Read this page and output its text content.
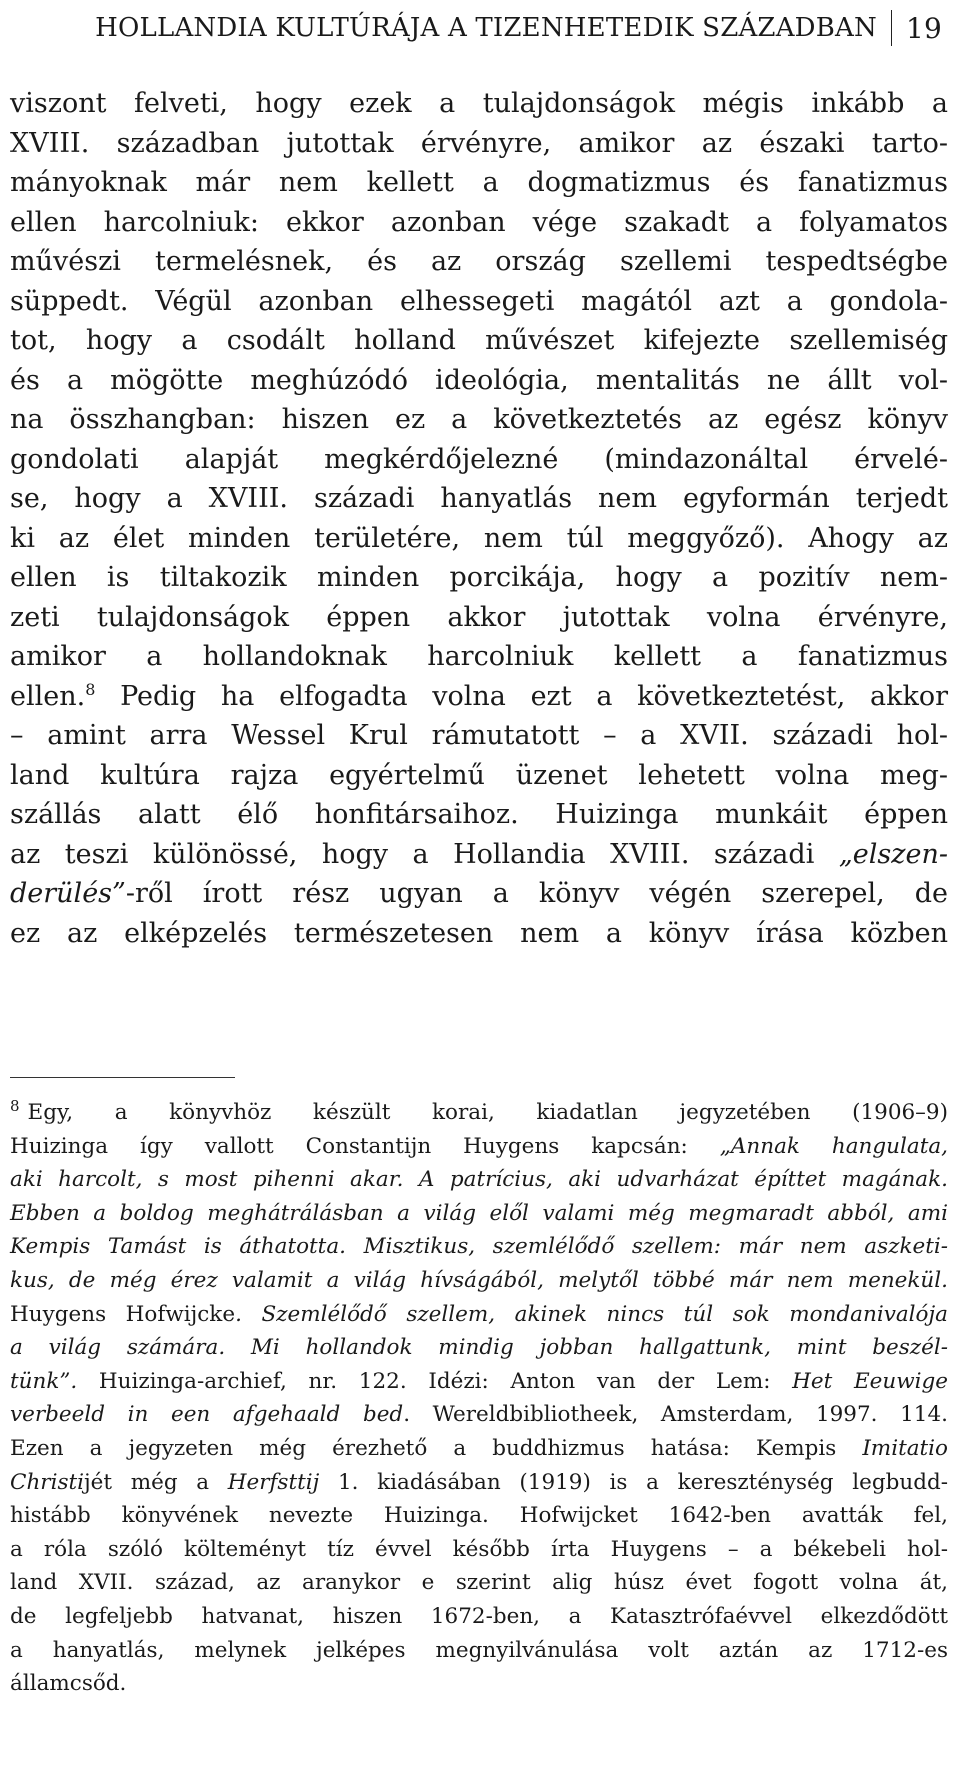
HOLLANDIA KULTÚRÁJA A TIZENHETEDIK SZÁZADBAN	19
viszont felveti, hogy ezek a tulajdonságok mégis inkább a
XVIII. században jutottak érvényre, amikor az északi tarto-
mányoknak már nem kellett a dogmatizmus és fanatizmus
ellen harcolniuk: ekkor azonban vége szakadt a folyamatos
művészi termelésnek, és az ország szellemi tespedtségbe
süppedt. Végül azonban elhessegeti magától azt a gondola-
tot, hogy a csodált holland művészet kifejezte szellemiség
és a mögötte meghúzódó ideológia, mentalitás ne állt vol-
na összhangban: hiszen ez a következtetés az egész könyv
gondolati alapját megkérdőjelezné (mindazonáltal érvelé-
se, hogy a XVIII. századi hanyatlás nem egyformán terjedt
ki az élet minden területére, nem túl meggyőző). Ahogy az
ellen is tiltakozik minden porcikája, hogy a pozitív nem-
zeti tulajdonságok éppen akkor jutottak volna érvényre,
amikor a hollandoknak harcolniuk kellett a fanatizmus
ellen.$^8$ Pedig ha elfogadta volna ezt a következtetést, akkor
– amint arra Wessel Krul rámutatott – a XVII. századi hol-
land kultúra rajza egyértelmű üzenet lehetett volna meg-
szállás alatt élő honfitársaihoz. Huizinga munkáit éppen
az teszi különössé, hogy a Hollandia XVIII. századi „elszen-
derülés”-ről írott rész ugyan a könyv végén szerepel, de
ez az elképzelés természetesen nem a könyv írása közben
$^8$ Egy, a könyvhöz készült korai, kiadatlan jegyzetében (1906–9)
Huizinga így vallott Constantijn Huygens kapcsán: „Annak hangulata,
aki harcolt, s most pihenni akar. A patrícius, aki udvarházat építtet magának.
Ebben a boldog meghátrálásban a világ elől valami még megmaradt abból, ami
Kempis Tamást is áthatotta. Misztikus, szemlélődő szellem: már nem aszketi-
kus, de még érez valamit a világ hívságából, melytől többé már nem menekül.
Huygens Hofwijcke. Szemlélődő szellem, akinek nincs túl sok mondanivalója
a világ számára. Mi hollandok mindig jobban hallgattunk, mint beszél-
tünk”. Huizinga-archief, nr. 122. Idézi: Anton van der Lem: Het Eeuwige
verbeeld in een afgehaald bed. Wereldbibliotheek, Amsterdam, 1997. 114.
Ezen a jegyzeten még érezhető a buddhizmus hatása: Kempis Imitatio
Christijét még a Herfsttij 1. kiadásában (1919) is a kereszténység legbudd-
histább könyvének nevezte Huizinga. Hofwijcket 1642-ben avatták fel,
a róla szóló költeményt tíz évvel később írta Huygens – a békebeli hol-
land XVII. század, az aranykor e szerint alig húsz évet fogott volna át,
de legfeljebb hatvanat, hiszen 1672-ben, a Katasztrófaévvel elkezdődött
a hanyatlás, melynek jelképes megnyilvánulása volt aztán az 1712-es
államcsőd.
